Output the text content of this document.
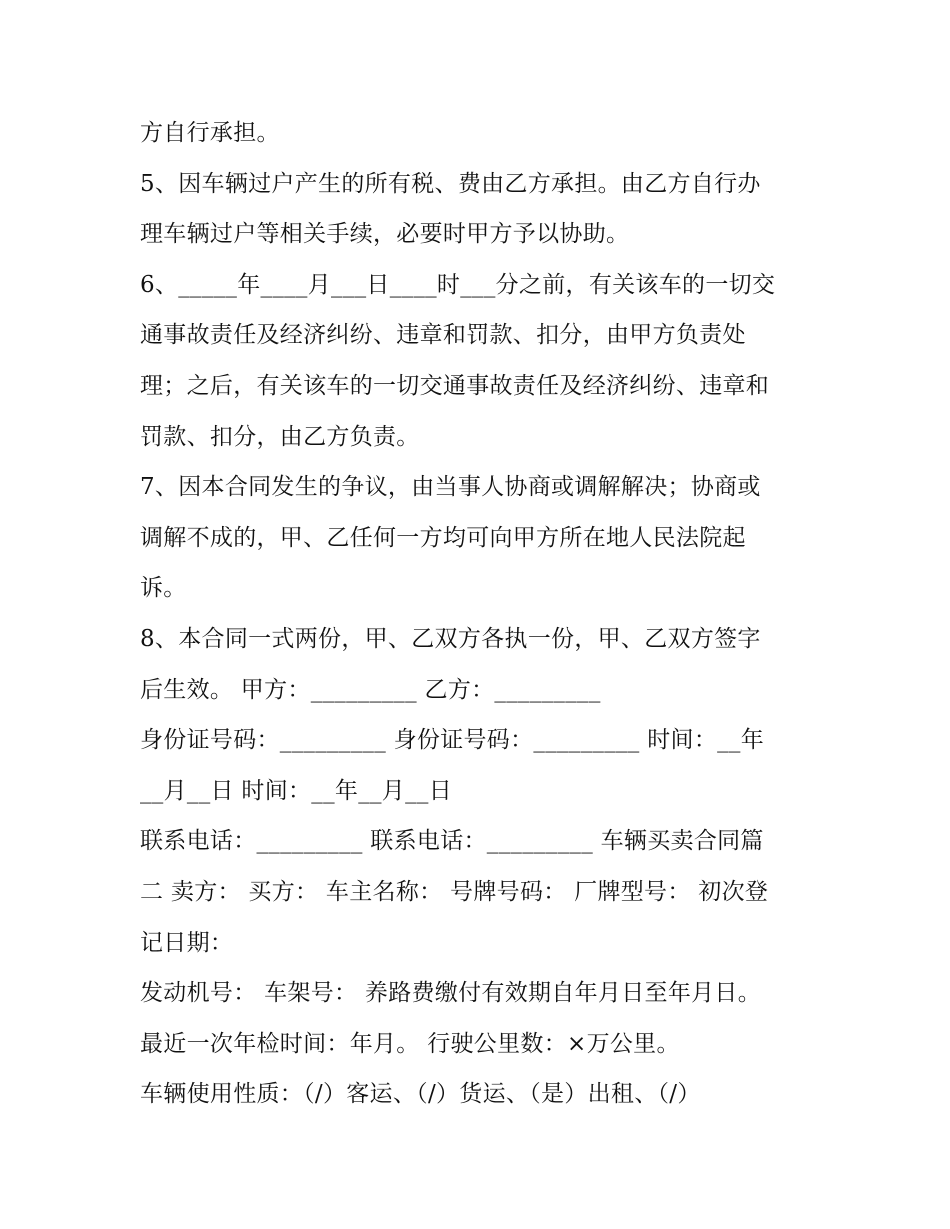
方自行承担。
5、因车辆过户产生的所有税、费由乙方承担。由乙方自行办
理车辆过户等相关手续，必要时甲方予以协助。
6、_____年____月___日____时___分之前，有关该车的一切交
通事故责任及经济纠纷、违章和罚款、扣分，由甲方负责处
理；之后，有关该车的一切交通事故责任及经济纠纷、违章和
罚款、扣分，由乙方负责。
7、因本合同发生的争议，由当事人协商或调解解决；协商或
调解不成的，甲、乙任何一方均可向甲方所在地人民法院起
诉。
8、本合同一式两份，甲、乙双方各执一份，甲、乙双方签字
后生效。 甲方：_________ 乙方：_________
身份证号码：_________ 身份证号码：_________ 时间：__年
__月__日 时间：__年__月__日
联系电话：_________ 联系电话：_________ 车辆买卖合同篇
二 卖方： 买方： 车主名称： 号牌号码： 厂牌型号： 初次登
记日期：
发动机号： 车架号： 养路费缴付有效期自年月日至年月日。
最近一次年检时间：年月。 行驶公里数：×万公里。
车辆使用性质：（/）客运、（/）货运、（是）出租、（/）
